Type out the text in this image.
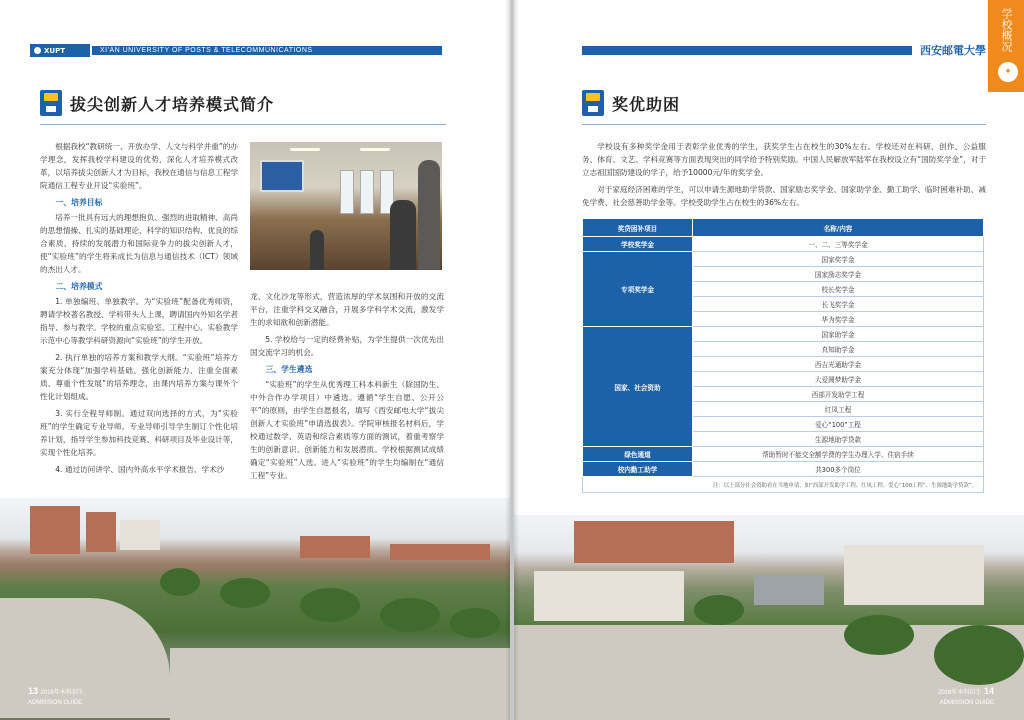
XUPT	XI'AN UNIVERSITY OF POSTS & TELECOMMUNICATIONS
拔尖创新人才培养模式简介

根据我校“教研统一、开放办学、人文与科学并重”的办学理念，发挥我校学科建设的优势，深化人才培养模式改革，以培养拔尖创新人才为目标，我校在通信与信息工程学院通信工程专业开设“实验班”。

一、培养目标

培养一批具有远大的理想抱负、强烈的进取精神、高尚的思想情操、扎实的基础理论、科学的知识结构、优良的综合素质、持续的发展潜力和国际竞争力的拔尖创新人才，使“实验班”的学生将来成长为信息与通信技术（ICT）领域的杰出人才。

二、培养模式

1. 单独编班、单独教学。为“实验班”配备优秀师资，聘请学校著名教授、学科带头人上课，聘请国内外知名学者指导、参与教学。学校的重点实验室、工程中心、实验教学示范中心等教学科研资源向“实验班”的学生开放。

2. 执行单独的培养方案和教学大纲。“实验班”培养方案充分体现“加强学科基础、强化创新能力、注重全面素质、尊重个性发展”的培养理念，由课内培养方案与课外个性化计划组成。

3. 实行全程导师制。通过双向选择的方式，为“实验班”的学生确定专业导师。专业导师引导学生制订个性化培养计划，指导学生参加科技竞赛、科研项目及毕业设计等，实现个性化培养。

4. 通过访问讲学、国内外高水平学术报告、学术沙

龙、文化沙龙等形式，营造浓厚的学术氛围和开放的交流平台，注重学科交叉融合，开展多学科学术交流，激发学生的求知欲和创新潜能。

5. 学校给与一定的经费补贴，为学生提供一次优先出国交流学习的机会。

三、学生遴选

“实验班”的学生从优秀理工科本科新生（除国防生、中外合作办学项目）中遴选。遵循“学生自愿、公开公平”的原则，由学生自愿报名，填写《西安邮电大学“拔尖创新人才实验班”申请选拔表》。学院审核报名材料后，学校通过数学、英语和综合素质等方面的测试，着重考察学生的创新意识、创新能力和发展潜质。学校根据测试成绩确定“实验班”人选。进入“实验班”的学生均编制在“通信工程”专业。

13 2016年本科招生
ADMISSION GUIDE
西安邮電大學	学校概况
✦
奖优助困

学校设有多种奖学金用于表彰学业优秀的学生，获奖学生占在校生的30%左右。学校还对在科研、创作、公益服务、体育、文艺、学科竞赛等方面表现突出的同学给予特别奖励。中国人民解放军陆军在我校设立有“国防奖学金”，对于立志祖国国防建设的学子，给予10000元/年的奖学金。

对于家庭经济困难的学生，可以申请生源地助学贷款、国家励志奖学金、国家助学金、勤工助学、临时困难补助、减免学费、社会慈善助学金等。学校受助学生占在校生的36%左右。

奖贷困补项目	名称/内容
学校奖学金	一、二、三等奖学金
专项奖学金	国家奖学金
	国家励志奖学金
	校长奖学金
	长飞奖学金
	华为奖学金
国家、社会资助	国家助学金
	真知助学金
	西吉光通助学金
	大爱圆梦助学金
	西部开发助学工程
	红凤工程
	爱心“100”工程
	生源地助学贷款
绿色通道	帮助暂时不能交全额学费的学生办理入学、住宿手续
校内勤工助学	共300多个岗位
注：以上部分社会资助看在当地申请，如“西部开发助学工程、红凤工程、爱心“100工程”、生源地助学贷款”。	
2016年本科招生 14
ADMISSION GUIDE
